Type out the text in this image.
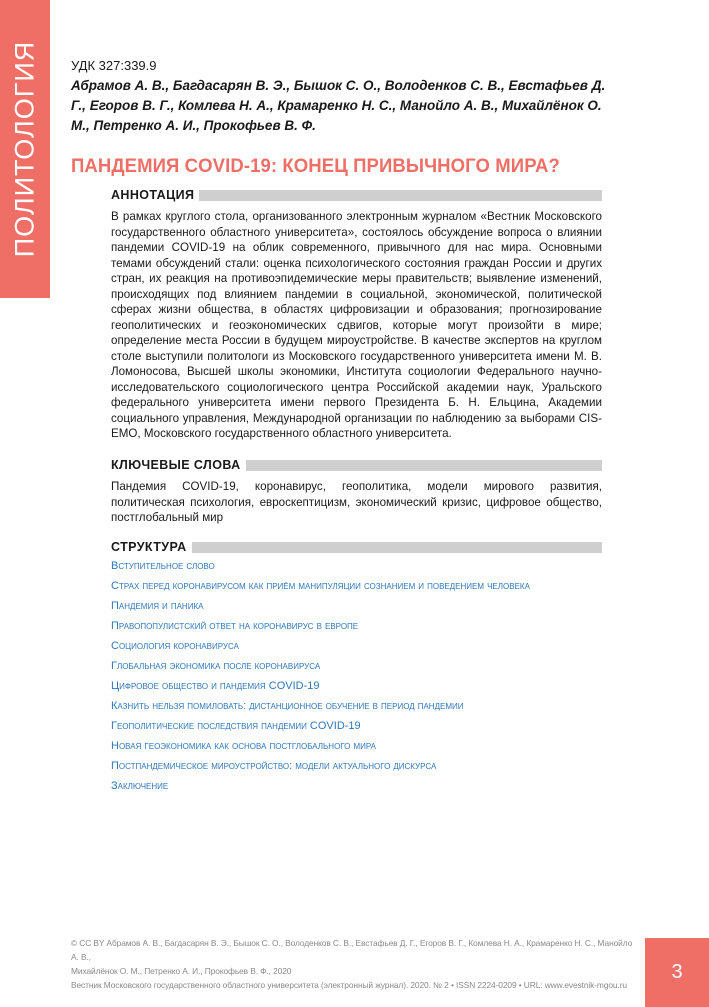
ПОЛИТОЛОГИЯ УДК 327:339.9
Абрамов А. В., Багдасарян В. Э., Бышок С. О., Володенков С. В., Евстафьев Д. Г., Егоров В. Г., Комлева Н. А., Крамаренко Н. С., Манойло А. В., Михайлёнок О. М., Петренко А. И., Прокофьев В. Ф.
ПАНДЕМИЯ COVID-19: КОНЕЦ ПРИВЫЧНОГО МИРА?
АННОТАЦИЯ
В рамках круглого стола, организованного электронным журналом «Вестник Московского государственного областного университета», состоялось обсуждение вопроса о влиянии пандемии COVID-19 на облик современного, привычного для нас мира. Основными темами обсуждений стали: оценка психологического состояния граждан России и других стран, их реакция на противоэпидемические меры правительств; выявление изменений, происходящих под влиянием пандемии в социальной, экономической, политической сферах жизни общества, в областях цифровизации и образования; прогнозирование геополитических и геоэкономических сдвигов, которые могут произойти в мире; определение места России в будущем мироустройстве. В качестве экспертов на круглом столе выступили политологи из Московского государственного университета имени М. В. Ломоносова, Высшей школы экономики, Института социологии Федерального научно-исследовательского социологического центра Российской академии наук, Уральского федерального университета имени первого Президента Б. Н. Ельцина, Академии социального управления, Международной организации по наблюдению за выборами CIS-EMO, Московского государственного областного университета.
КЛЮЧЕВЫЕ СЛОВА
Пандемия COVID-19, коронавирус, геополитика, модели мирового развития, политическая психология, евроскептицизм, экономический кризис, цифровое общество, постглобальный мир
СТРУКТУРА
Вступительное слово
Страх перед коронавирусом как приём манипуляции сознанием и поведением человека
Пандемия и паника
Правопопулистский ответ на коронавирус в европе
Социология коронавируса
Глобальная экономика после коронавируса
Цифровое общество и пандемия COVID-19
Казнить нельзя помиловать: дистанционное обучение в период пандемии
Геополитические последствия пандемии COVID-19
Новая геоэкономика как основа постглобального мира
Постпандемическое мироустройство: модели актуального дискурса
Заключение
© CC BY Абрамов А. В., Багдасарян В. Э., Бышок С. О., Володенков С. В., Евстафьев Д. Г., Егоров В. Г., Комлева Н. А., Крамаренко Н. С., Манойло А. В.,
Михайлёнок О. М., Петренко А. И., Прокофьев В. Ф., 2020
Вестник Московского государственного областного университета (электронный журнал). 2020. № 2 • ISSN 2224-0209 • URL: www.evestnik-mgou.ru
3
